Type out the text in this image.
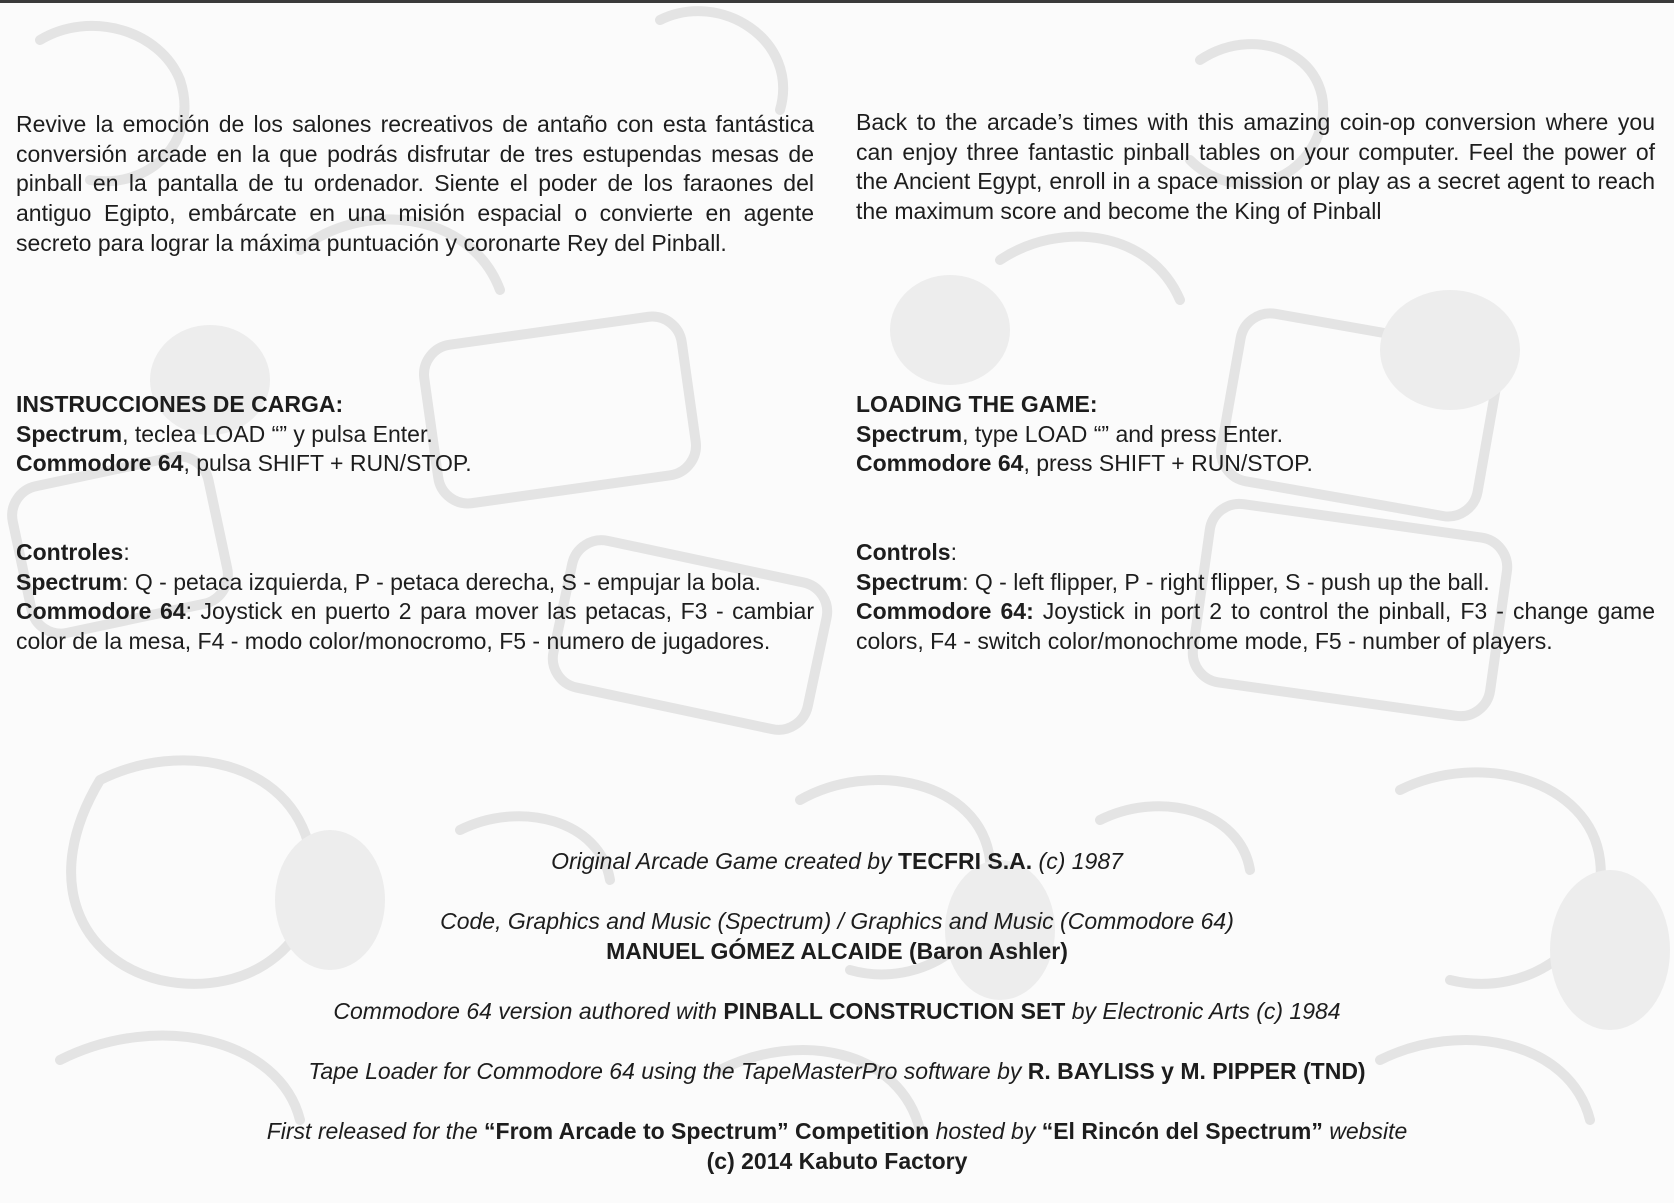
Revive la emoción de los salones recreativos de antaño con esta fantástica conversión arcade en la que podrás disfrutar de tres estupendas mesas de pinball en la pantalla de tu ordenador. Siente el poder de los faraones del antiguo Egipto, embárcate en una misión espacial o convierte en agente secreto para lograr la máxima puntuación y coronarte Rey del Pinball.

INSTRUCCIONES DE CARGA:

Spectrum, teclea LOAD “” y pulsa Enter.

Commodore 64, pulsa SHIFT + RUN/STOP.

Controles:

Spectrum: Q - petaca izquierda, P - petaca derecha, S - empujar la bola.

Commodore 64: Joystick en puerto 2 para mover las petacas, F3 - cambiar color de la mesa, F4 - modo color/monocromo, F5 - numero de jugadores.

Back to the arcade’s times with this amazing coin-op conversion where you can enjoy three fantastic pinball tables on your computer. Feel the power of the Ancient Egypt, enroll in a space mission or play as a secret agent to reach the maximum score and become the King of Pinball

LOADING THE GAME:

Spectrum, type LOAD “” and press Enter.

Commodore 64, press SHIFT + RUN/STOP.

Controls:

Spectrum: Q - left flipper, P - right flipper, S - push up the ball.

Commodore 64: Joystick in port 2 to control the pinball, F3 - change game colors, F4 - switch color/monochrome mode, F5 - number of players.

Original Arcade Game created by TECFRI S.A. (c) 1987
Code, Graphics and Music (Spectrum) / Graphics and Music (Commodore 64)
MANUEL GÓMEZ ALCAIDE (Baron Ashler)
Commodore 64 version authored with PINBALL CONSTRUCTION SET by Electronic Arts (c) 1984
Tape Loader for Commodore 64 using the TapeMasterPro software by R. BAYLISS y M. PIPPER (TND)
First released for the “From Arcade to Spectrum” Competition hosted by “El Rincón del Spectrum” website
(c) 2014 Kabuto Factory
